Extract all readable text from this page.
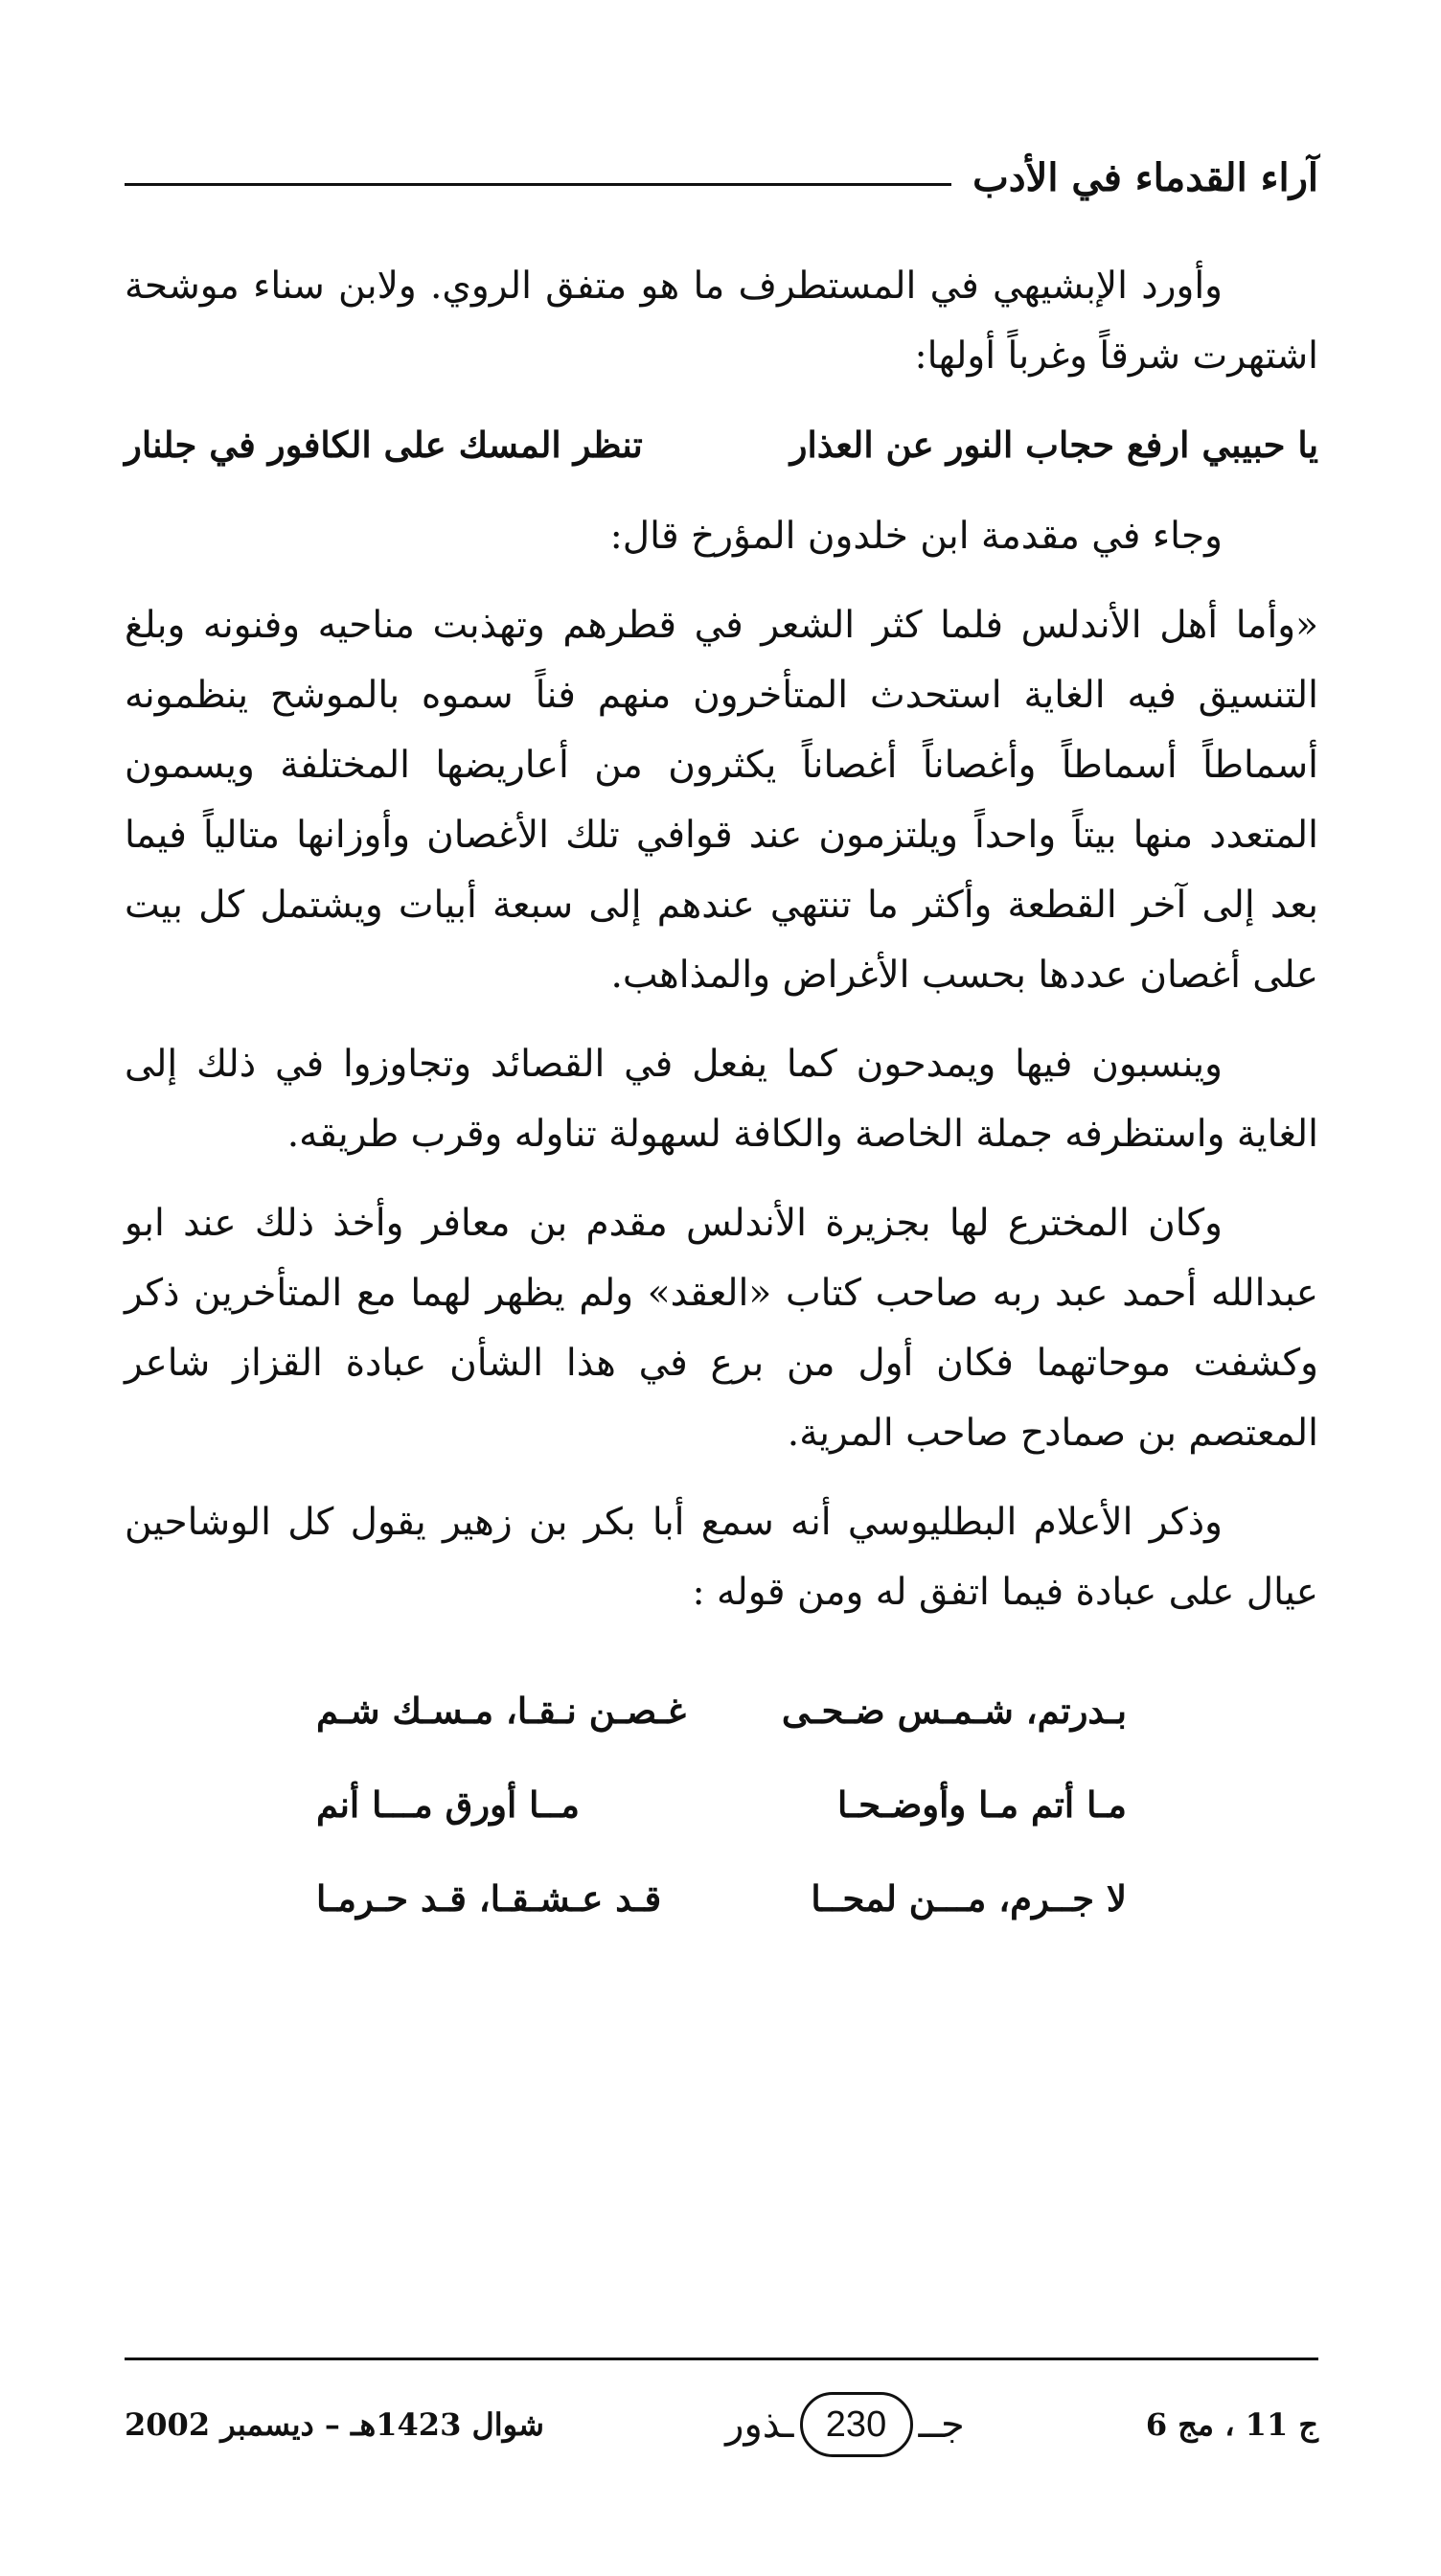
آراء القدماء في الأدب

وأورد الإبشيهي في المستطرف ما هو متفق الروي. ولابن سناء موشحة اشتهرت شرقاً وغرباً أولها:

يا حبيبي ارفع حجاب النور عن العذار
تنظر المسك على الكافور في جلنار

وجاء في مقدمة ابن خلدون المؤرخ قال:

«وأما أهل الأندلس فلما كثر الشعر في قطرهم وتهذبت مناحيه وفنونه وبلغ التنسيق فيه الغاية استحدث المتأخرون منهم فناً سموه بالموشح ينظمونه أسماطاً أسماطاً وأغصاناً أغصاناً يكثرون من أعاريضها المختلفة ويسمون المتعدد منها بيتاً واحداً ويلتزمون عند قوافي تلك الأغصان وأوزانها متالياً فيما بعد إلى آخر القطعة وأكثر ما تنتهي عندهم إلى سبعة أبيات ويشتمل كل بيت على أغصان عددها بحسب الأغراض والمذاهب.

وينسبون فيها ويمدحون كما يفعل في القصائد وتجاوزوا في ذلك إلى الغاية واستظرفه جملة الخاصة والكافة لسهولة تناوله وقرب طريقه.

وكان المخترع لها بجزيرة الأندلس مقدم بن معافر وأخذ ذلك عند ابو عبدالله أحمد عبد ربه صاحب كتاب «العقد» ولم يظهر لهما مع المتأخرين ذكر وكشفت موحاتهما فكان أول من برع في هذا الشأن عبادة القزاز شاعر المعتصم بن صمادح صاحب المرية.

وذكر الأعلام البطليوسي أنه سمع أبا بكر بن زهير يقول كل الوشاحين عيال على عبادة فيما اتفق له ومن قوله :

بـدرتم، شـمـس ضـحـى
غـصـن نـقـا، مـسـك شـم
مـا أتم مـا وأوضـحـا
مــا أورق مـــا أنم
لا جــرم، مـــن لمحــا
قـد عـشـقـا، قـد حـرمـا
ج 11 ، مج 6
جــ
230
ـذور
شوال 1423هـ – ديسمبر 2002
